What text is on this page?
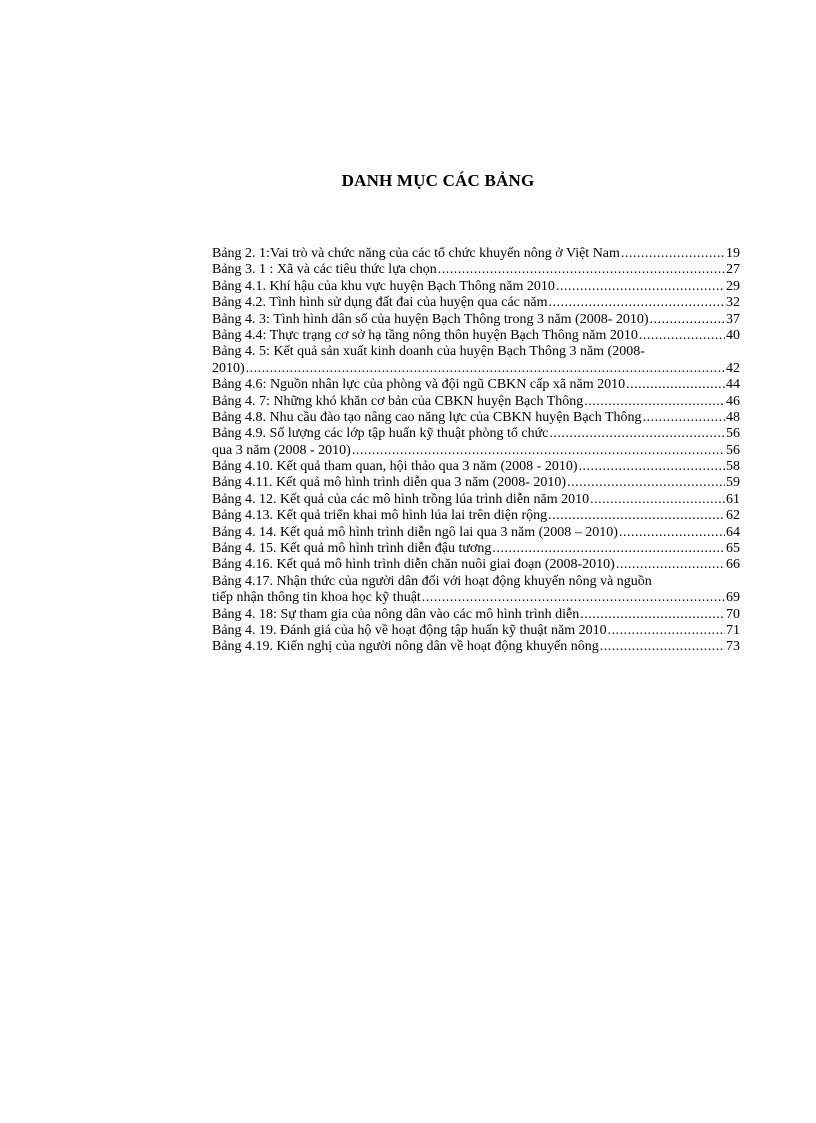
DANH MỤC CÁC BẢNG
Bảng 2. 1:Vai trò và chức năng của các tổ chức khuyến nông ở Việt Nam .....	19
Bảng 3. 1 : Xã và các tiêu thức lựa chọn .....	27
Bảng 4.1. Khí hậu của khu vực huyện Bạch Thông năm 2010 .....	29
Bảng 4.2. Tình hình sử dụng đất đai của huyện qua các năm .....	32
Bảng 4. 3: Tình hình dân số của huyện Bạch Thông trong 3 năm (2008- 2010) .....	37
Bảng 4.4: Thực trạng cơ sở hạ tầng nông thôn huyện Bạch Thông năm 2010 .....	40
Bảng 4. 5: Kết quả sản xuất kinh doanh của huyện Bạch Thông 3 năm (2008-
2010) .....	42
Bảng 4.6: Nguồn nhân lực của phòng và đội ngũ CBKN cấp xã năm 2010 .....	44
Bảng 4. 7: Những khó khăn cơ bản của CBKN huyện Bạch Thông .....	46
Bảng 4.8. Nhu cầu đào tạo nâng cao năng lực của CBKN huyện Bạch Thông .....	48
Bảng 4.9. Số lượng các lớp tập huấn kỹ thuật phòng tổ chức .....	56
qua 3 năm (2008 - 2010) .....	56
Bảng 4.10. Kết quả tham quan, hội thảo qua 3 năm (2008 - 2010) .....	58
Bảng 4.11. Kết quả mô hình trình diễn qua 3 năm (2008- 2010) .....	59
Bảng 4. 12. Kết quả của các mô hình trồng lúa trình diễn năm 2010 .....	61
Bảng 4.13. Kết quả triển khai mô hình lúa lai trên diện rộng .....	62
Bảng 4. 14. Kết quả mô hình trình diễn ngô lai qua 3 năm (2008 – 2010) .....	64
Bảng 4. 15. Kết quả mô hình trình diễn đậu tương .....	65
Bảng 4.16. Kết quả mô hình trình diễn chăn nuôi giai đoạn (2008-2010) .....	66
Bảng 4.17. Nhận thức của người dân đối với hoạt động khuyến nông và nguồn
tiếp nhận thông tin khoa học kỹ thuật .....	69
Bảng 4. 18: Sự tham gia của nông dân vào các mô hình trình diễn .....	70
Bảng 4. 19. Đánh giá của hộ về hoạt động tập huấn kỹ thuật năm 2010 .....	71
Bảng 4.19. Kiến nghị của người nông dân về hoạt động khuyến nông .....	73
